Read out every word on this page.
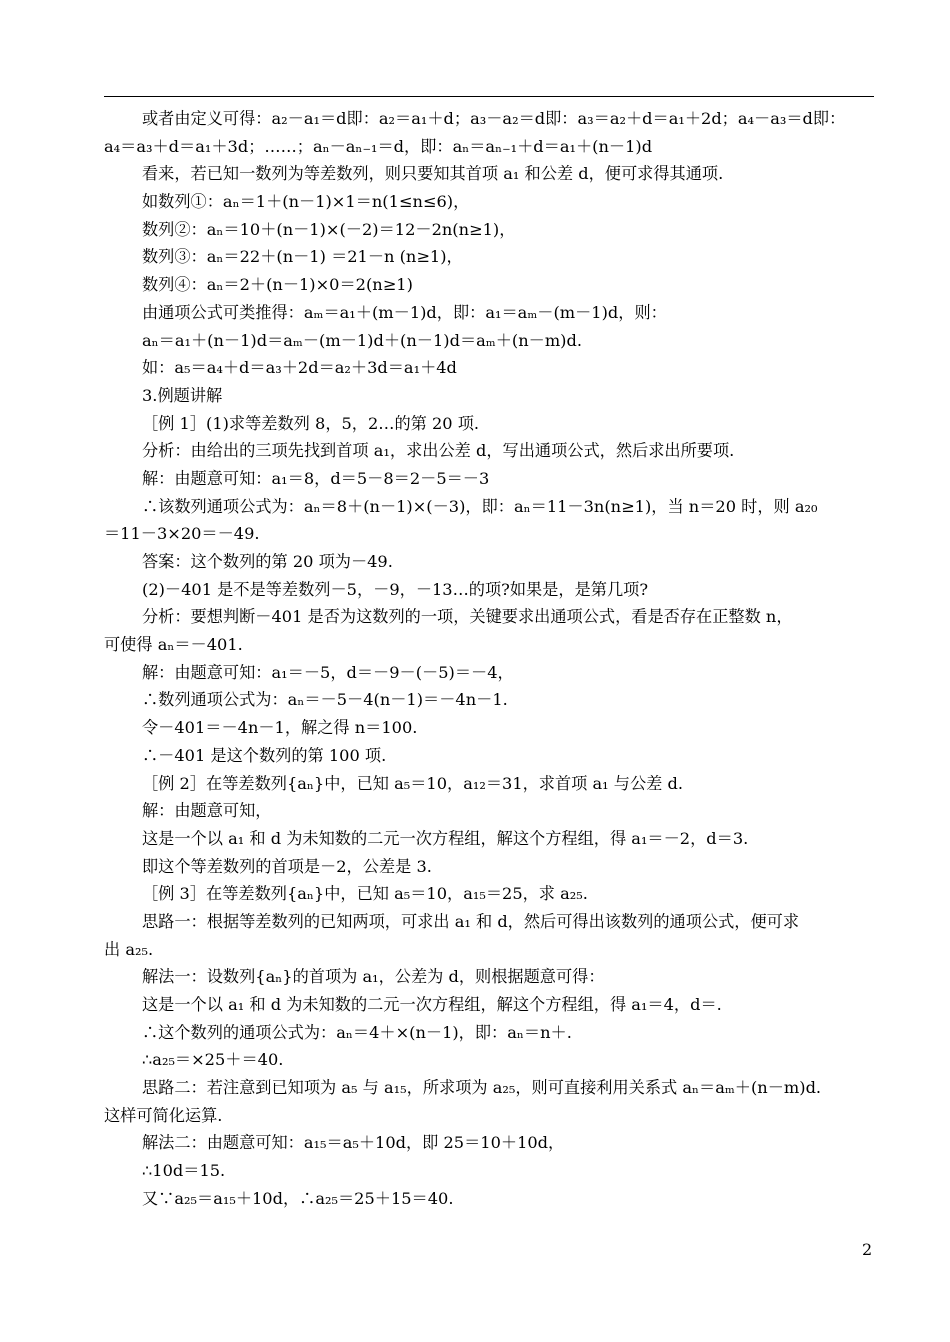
或者由定义可得：a₂－a₁＝d即：a₂＝a₁＋d；a₃－a₂＝d即：a₃＝a₂＋d＝a₁＋2d；a₄－a₃＝d即：
a₄＝a₃＋d＝a₁＋3d；……；aₙ－aₙ₋₁＝d，即：aₙ＝aₙ₋₁＋d＝a₁＋(n－1)d
看来，若已知一数列为等差数列，则只要知其首项 a₁ 和公差 d，便可求得其通项.
如数列①：aₙ＝1＋(n－1)×1＝n(1≤n≤6)，
数列②：aₙ＝10＋(n－1)×(－2)＝12－2n(n≥1)，
数列③：aₙ＝22＋(n－1) ＝21－n (n≥1)，
数列④：aₙ＝2＋(n－1)×0＝2(n≥1)
由通项公式可类推得：aₘ＝a₁＋(m－1)d，即：a₁＝aₘ－(m－1)d，则：
aₙ＝a₁＋(n－1)d＝aₘ－(m－1)d＋(n－1)d＝aₘ＋(n－m)d.
如：a₅＝a₄＋d＝a₃＋2d＝a₂＋3d＝a₁＋4d
3.例题讲解
［例 1］(1)求等差数列 8，5，2…的第 20 项.
分析：由给出的三项先找到首项 a₁，求出公差 d，写出通项公式，然后求出所要项.
解：由题意可知：a₁＝8，d＝5－8＝2－5＝－3
∴该数列通项公式为：aₙ＝8＋(n－1)×(－3)，即：aₙ＝11－3n(n≥1)，当 n＝20 时，则 a₂₀
＝11－3×20＝－49.
答案：这个数列的第 20 项为－49.
(2)－401 是不是等差数列－5，－9，－13…的项?如果是，是第几项?
分析：要想判断－401 是否为这数列的一项，关键要求出通项公式，看是否存在正整数 n，
可使得 aₙ＝－401.
解：由题意可知：a₁＝－5，d＝－9－(－5)＝－4，
∴数列通项公式为：aₙ＝－5－4(n－1)＝－4n－1.
令－401＝－4n－1，解之得 n＝100.
∴－401 是这个数列的第 100 项.
［例 2］在等差数列{aₙ}中，已知 a₅＝10，a₁₂＝31，求首项 a₁ 与公差 d.
解：由题意可知，
这是一个以 a₁ 和 d 为未知数的二元一次方程组，解这个方程组，得 a₁＝－2，d＝3.
即这个等差数列的首项是－2，公差是 3.
［例 3］在等差数列{aₙ}中，已知 a₅＝10，a₁₅＝25，求 a₂₅.
思路一：根据等差数列的已知两项，可求出 a₁ 和 d，然后可得出该数列的通项公式，便可求
出 a₂₅.
解法一：设数列{aₙ}的首项为 a₁，公差为 d，则根据题意可得：
这是一个以 a₁ 和 d 为未知数的二元一次方程组，解这个方程组，得 a₁＝4，d＝.
∴这个数列的通项公式为：aₙ＝4＋×(n－1)，即：aₙ＝n＋.
∴a₂₅＝×25＋＝40.
思路二：若注意到已知项为 a₅ 与 a₁₅，所求项为 a₂₅，则可直接利用关系式 aₙ＝aₘ＋(n－m)d.
这样可简化运算.
解法二：由题意可知：a₁₅＝a₅＋10d，即 25＝10＋10d，
∴10d＝15.
又∵a₂₅＝a₁₅＋10d，∴a₂₅＝25＋15＝40.
2
